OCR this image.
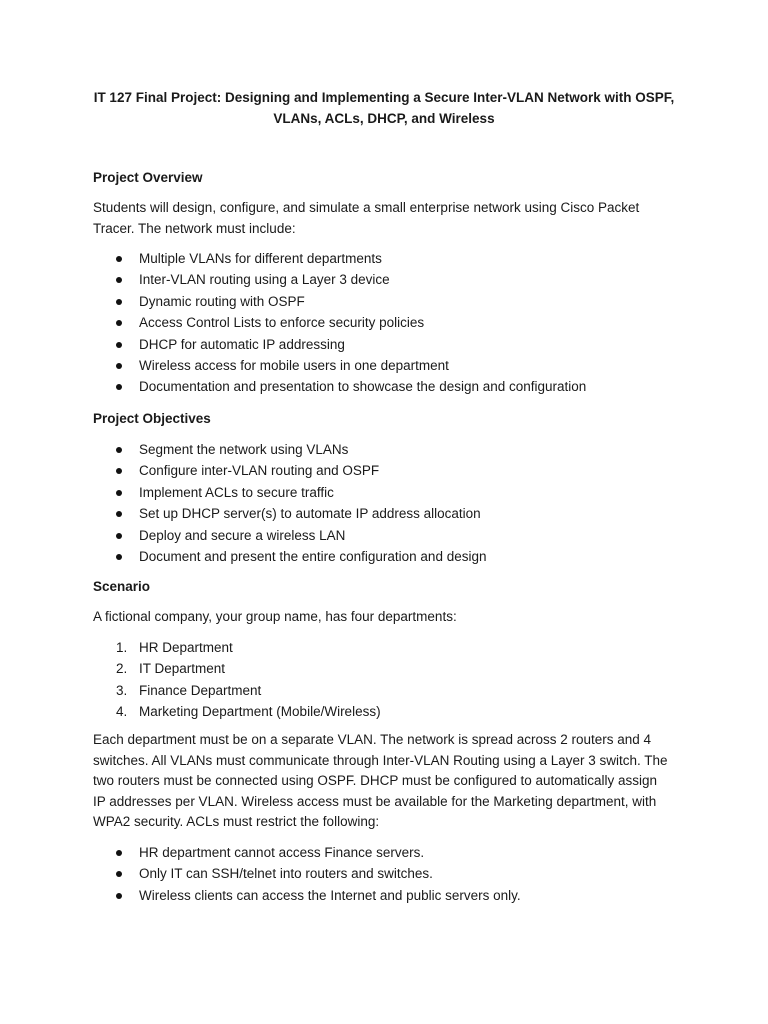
IT 127 Final Project: Designing and Implementing a Secure Inter-VLAN Network with OSPF, VLANs, ACLs, DHCP, and Wireless
Project Overview

Students will design, configure, and simulate a small enterprise network using Cisco Packet Tracer. The network must include:

Multiple VLANs for different departments
Inter-VLAN routing using a Layer 3 device
Dynamic routing with OSPF
Access Control Lists to enforce security policies
DHCP for automatic IP addressing
Wireless access for mobile users in one department
Documentation and presentation to showcase the design and configuration
Project Objectives
Segment the network using VLANs
Configure inter-VLAN routing and OSPF
Implement ACLs to secure traffic
Set up DHCP server(s) to automate IP address allocation
Deploy and secure a wireless LAN
Document and present the entire configuration and design
Scenario

A fictional company, your group name, has four departments:

1. HR Department
2. IT Department
3. Finance Department
4. Marketing Department (Mobile/Wireless)

Each department must be on a separate VLAN. The network is spread across 2 routers and 4 switches. All VLANs must communicate through Inter-VLAN Routing using a Layer 3 switch. The two routers must be connected using OSPF. DHCP must be configured to automatically assign IP addresses per VLAN. Wireless access must be available for the Marketing department, with WPA2 security. ACLs must restrict the following:

HR department cannot access Finance servers.
Only IT can SSH/telnet into routers and switches.
Wireless clients can access the Internet and public servers only.
